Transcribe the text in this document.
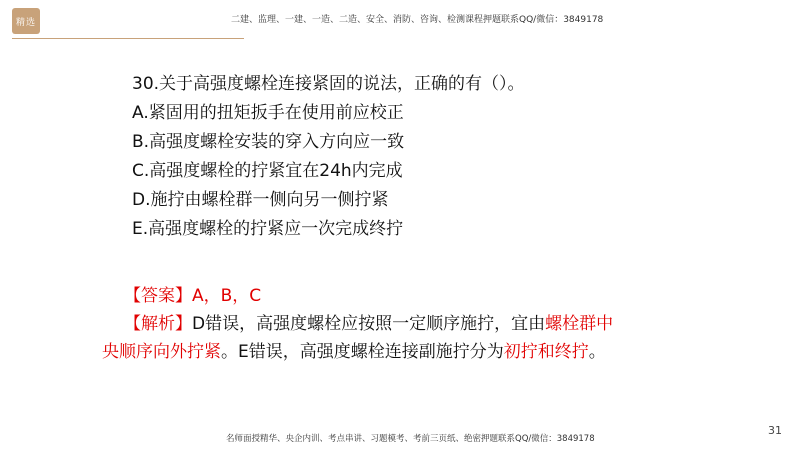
精选	二建、监理、一建、一造、二造、安全、消防、咨询、检测课程押题联系QQ/微信：3849178
30.关于高强度螺栓连接紧固的说法，正确的有（）。
A.紧固用的扭矩扳手在使用前应校正
B.高强度螺栓安装的穿入方向应一致
C.高强度螺栓的拧紧宜在24h内完成
D.施拧由螺栓群一侧向另一侧拧紧
E.高强度螺栓的拧紧应一次完成终拧
【答案】A，B，C
【解析】D错误，高强度螺栓应按照一定顺序施拧，宜由螺栓群中
央顺序向外拧紧。E错误，高强度螺栓连接副施拧分为初拧和终拧。
31
名师面授精华、央企内训、考点串讲、习题模考、考前三页纸、绝密押题联系QQ/微信：3849178
